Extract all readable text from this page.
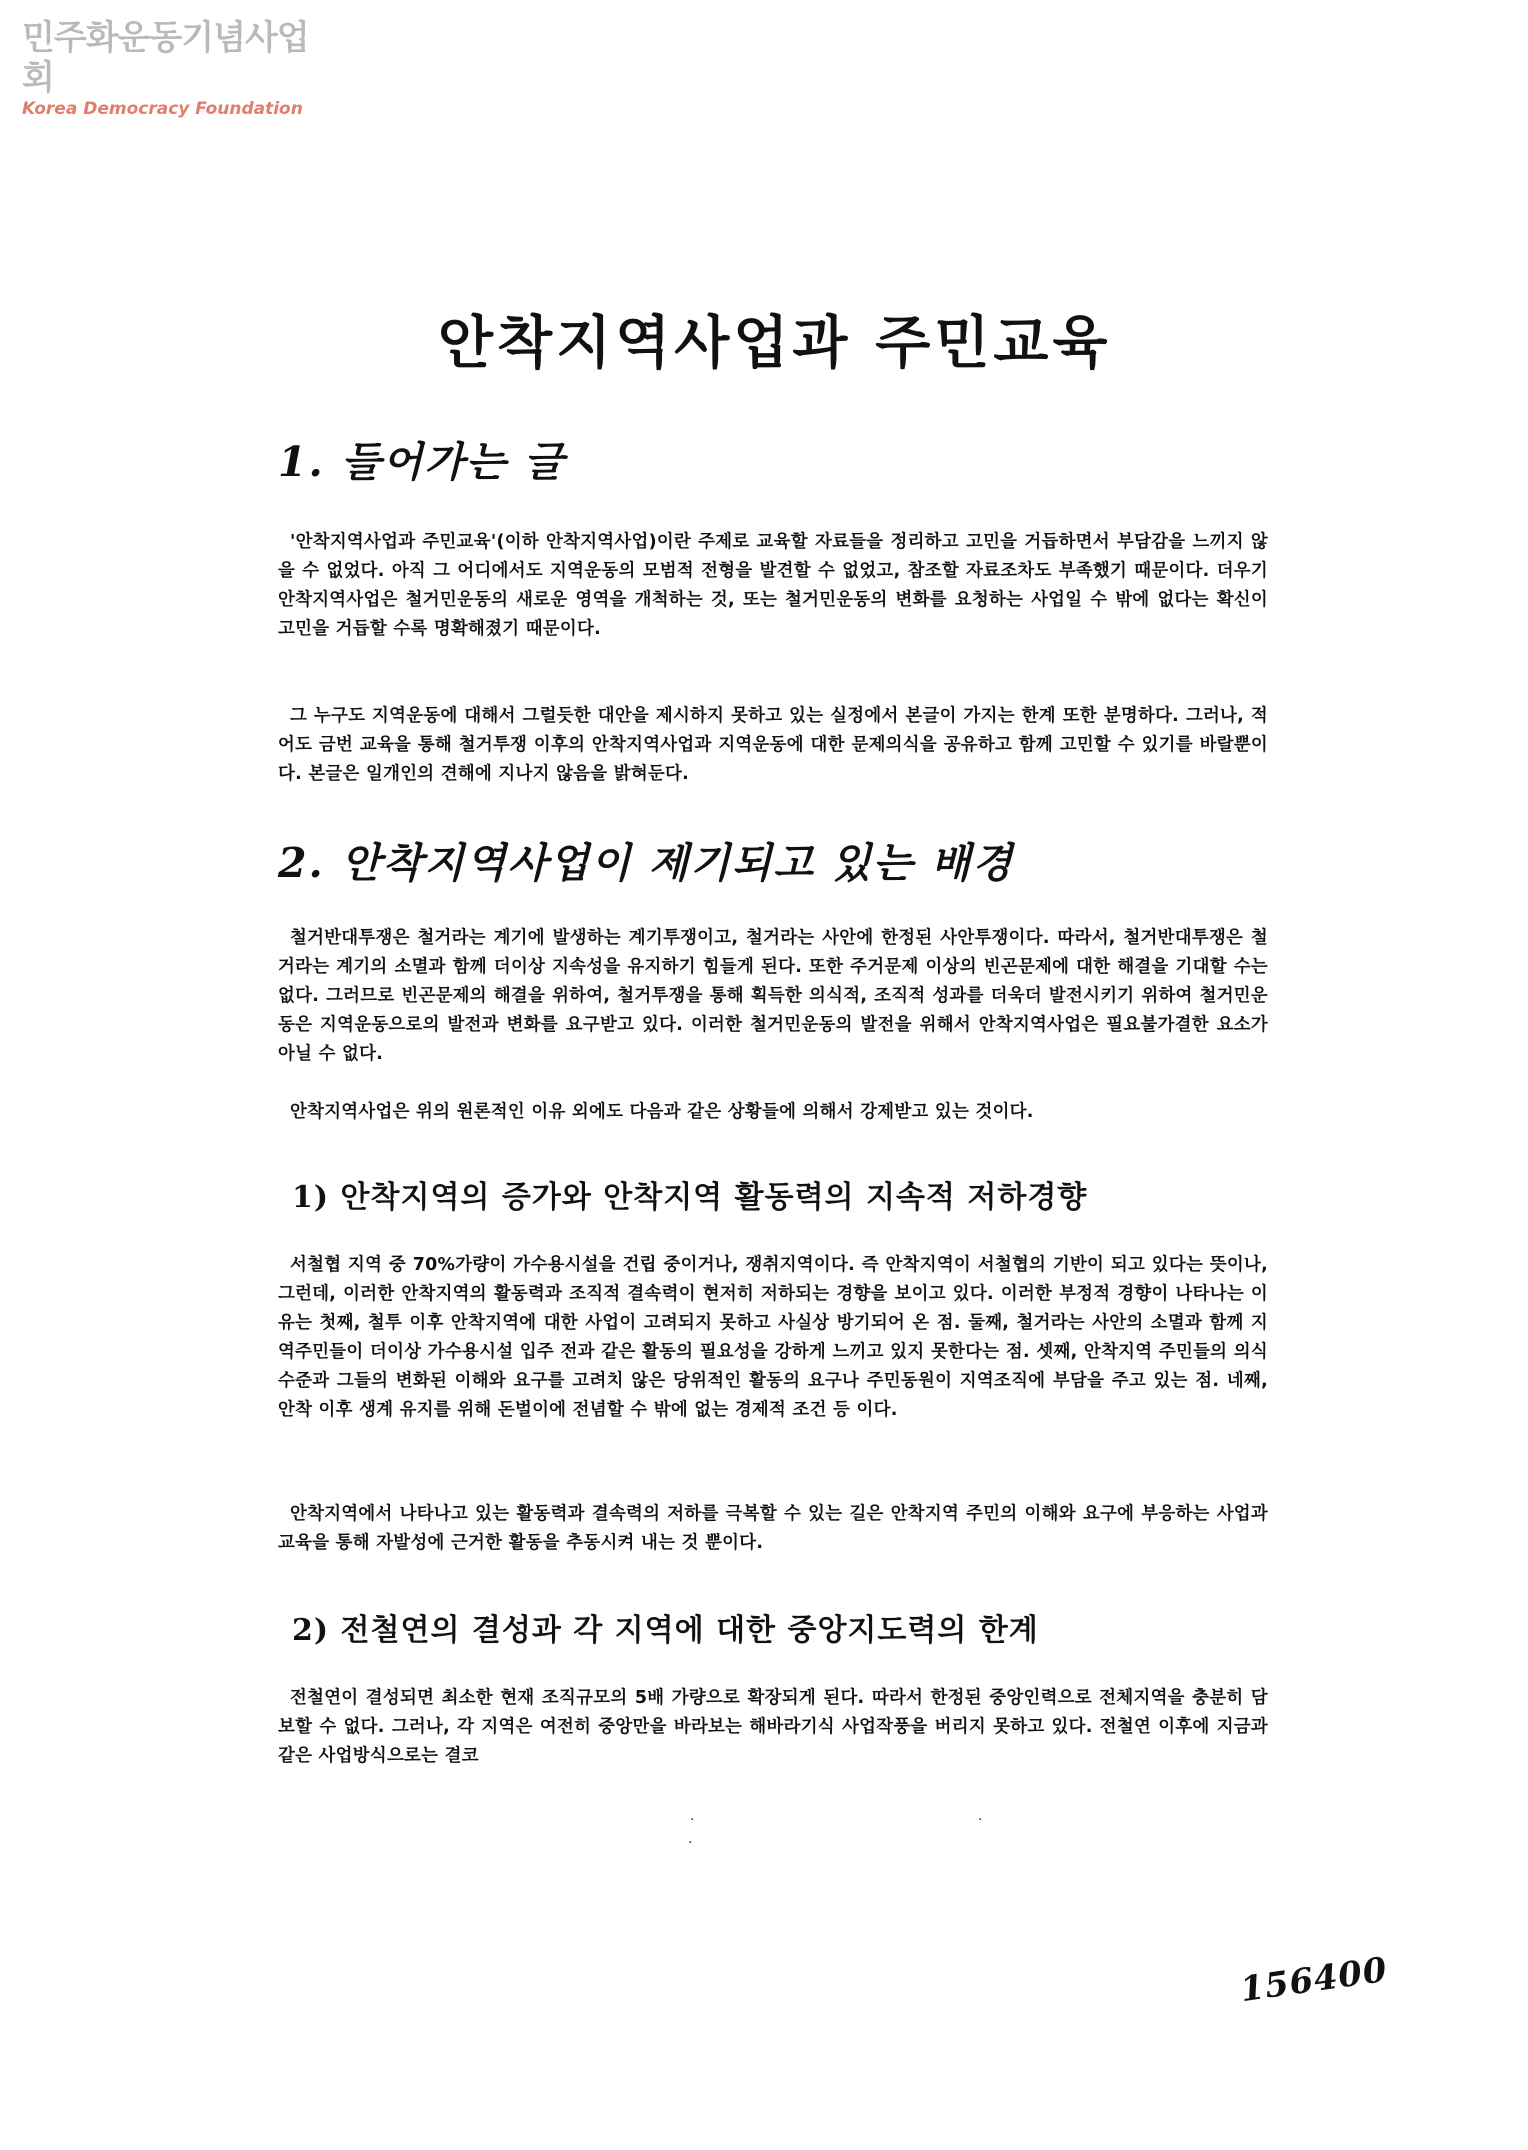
민주화운동기념사업회
Korea Democracy Foundation
안착지역사업과 주민교육
1. 들어가는 글
'안착지역사업과 주민교육'(이하 안착지역사업)이란 주제로 교육할 자료들을 정리하고 고민을 거듭하면서 부담감을 느끼지 않을 수 없었다. 아직 그 어디에서도 지역운동의 모범적 전형을 발견할 수 없었고, 참조할 자료조차도 부족했기 때문이다. 더우기 안착지역사업은 철거민운동의 새로운 영역을 개척하는 것, 또는 철거민운동의 변화를 요청하는 사업일 수 밖에 없다는 확신이 고민을 거듭할 수록 명확해졌기 때문이다.
그 누구도 지역운동에 대해서 그럴듯한 대안을 제시하지 못하고 있는 실정에서 본글이 가지는 한계 또한 분명하다. 그러나, 적어도 금번 교육을 통해 철거투쟁 이후의 안착지역사업과 지역운동에 대한 문제의식을 공유하고 함께 고민할 수 있기를 바랄뿐이다. 본글은 일개인의 견해에 지나지 않음을 밝혀둔다.
2. 안착지역사업이 제기되고 있는 배경
철거반대투쟁은 철거라는 계기에 발생하는 계기투쟁이고, 철거라는 사안에 한정된 사안투쟁이다. 따라서, 철거반대투쟁은 철거라는 계기의 소멸과 함께 더이상 지속성을 유지하기 힘들게 된다. 또한 주거문제 이상의 빈곤문제에 대한 해결을 기대할 수는 없다. 그러므로 빈곤문제의 해결을 위하여, 철거투쟁을 통해 획득한 의식적, 조직적 성과를 더욱더 발전시키기 위하여 철거민운동은 지역운동으로의 발전과 변화를 요구받고 있다. 이러한 철거민운동의 발전을 위해서 안착지역사업은 필요불가결한 요소가 아닐 수 없다.
안착지역사업은 위의 원론적인 이유 외에도 다음과 같은 상황들에 의해서 강제받고 있는 것이다.
1) 안착지역의 증가와 안착지역 활동력의 지속적 저하경향
서철협 지역 중 70%가량이 가수용시설을 건립 중이거나, 쟁취지역이다. 즉 안착지역이 서철협의 기반이 되고 있다는 뜻이나, 그런데, 이러한 안착지역의 활동력과 조직적 결속력이 현저히 저하되는 경향을 보이고 있다. 이러한 부정적 경향이 나타나는 이유는 첫째, 철투 이후 안착지역에 대한 사업이 고려되지 못하고 사실상 방기되어 온 점. 둘째, 철거라는 사안의 소멸과 함께 지역주민들이 더이상 가수용시설 입주 전과 같은 활동의 필요성을 강하게 느끼고 있지 못한다는 점. 셋째, 안착지역 주민들의 의식수준과 그들의 변화된 이해와 요구를 고려치 않은 당위적인 활동의 요구나 주민동원이 지역조직에 부담을 주고 있는 점. 네째, 안착 이후 생계 유지를 위해 돈벌이에 전념할 수 밖에 없는 경제적 조건 등 이다.
안착지역에서 나타나고 있는 활동력과 결속력의 저하를 극복할 수 있는 길은 안착지역 주민의 이해와 요구에 부응하는 사업과 교육을 통해 자발성에 근거한 활동을 추동시켜 내는 것 뿐이다.
2) 전철연의 결성과 각 지역에 대한 중앙지도력의 한계
전철연이 결성되면 최소한 현재 조직규모의 5배 가량으로 확장되게 된다. 따라서 한정된 중앙인력으로 전체지역을 충분히 담보할 수 없다. 그러나, 각 지역은 여전히 중앙만을 바라보는 해바라기식 사업작풍을 버리지 못하고 있다. 전철연 이후에 지금과 같은 사업방식으로는 결코
·	·
·
156400
